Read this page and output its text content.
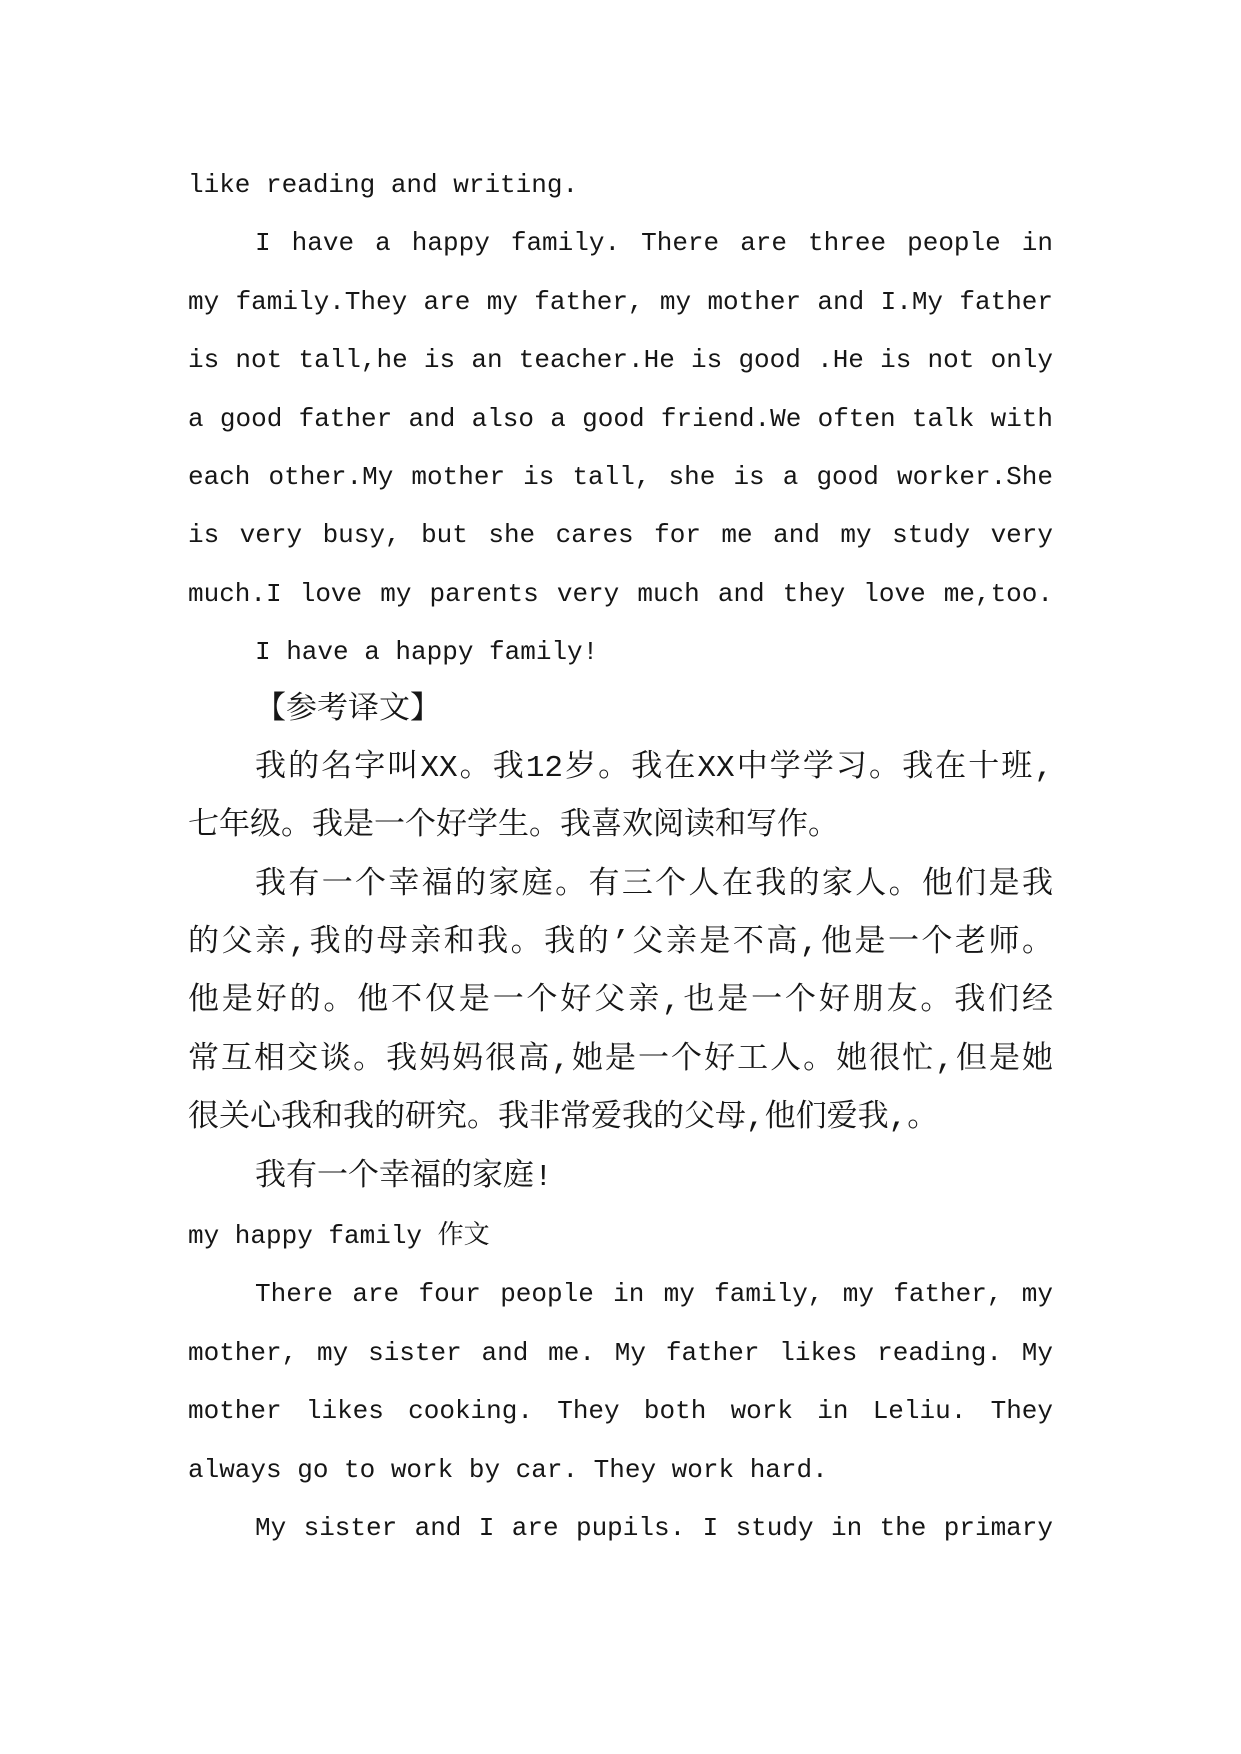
like reading and writing.
I have a happy family. There are three people in
my family.They are my father, my mother and I.My father
is not tall,he is an teacher.He is good .He is not only
a good father and also a good friend.We often talk with
each other.My mother is tall, she is a good worker.She
is very busy, but she cares for me and my study very
much.I love my parents very much and they love me,too.
I have a happy family!
【参考译文】
我的名字叫XX。我12岁。我在XX中学学习。我在十班,
七年级。我是一个好学生。我喜欢阅读和写作。
我有一个幸福的家庭。有三个人在我的家人。他们是我
的父亲,我的母亲和我。我的’父亲是不高,他是一个老师。
他是好的。他不仅是一个好父亲,也是一个好朋友。我们经
常互相交谈。我妈妈很高,她是一个好工人。她很忙,但是她
很关心我和我的研究。我非常爱我的父母,他们爱我,。
我有一个幸福的家庭!
my happy family 作文
There are four people in my family, my father, my
mother, my sister and me. My father likes reading. My
mother likes cooking. They both work in Leliu. They
always go to work by car. They work hard.
My sister and I are pupils. I study in the primary
